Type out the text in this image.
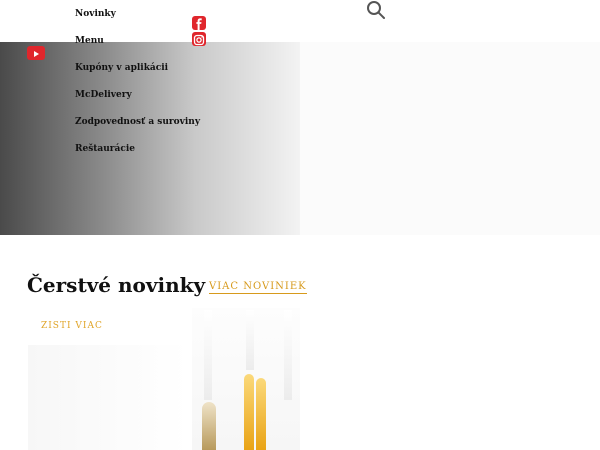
Novinky
Menu
Kupóny v aplikácii
McDelivery
Zodpovednosť a suroviny
Reštaurácie
Čerstvé novinky VIAC NOVINIEK
ZISTI VIAC
